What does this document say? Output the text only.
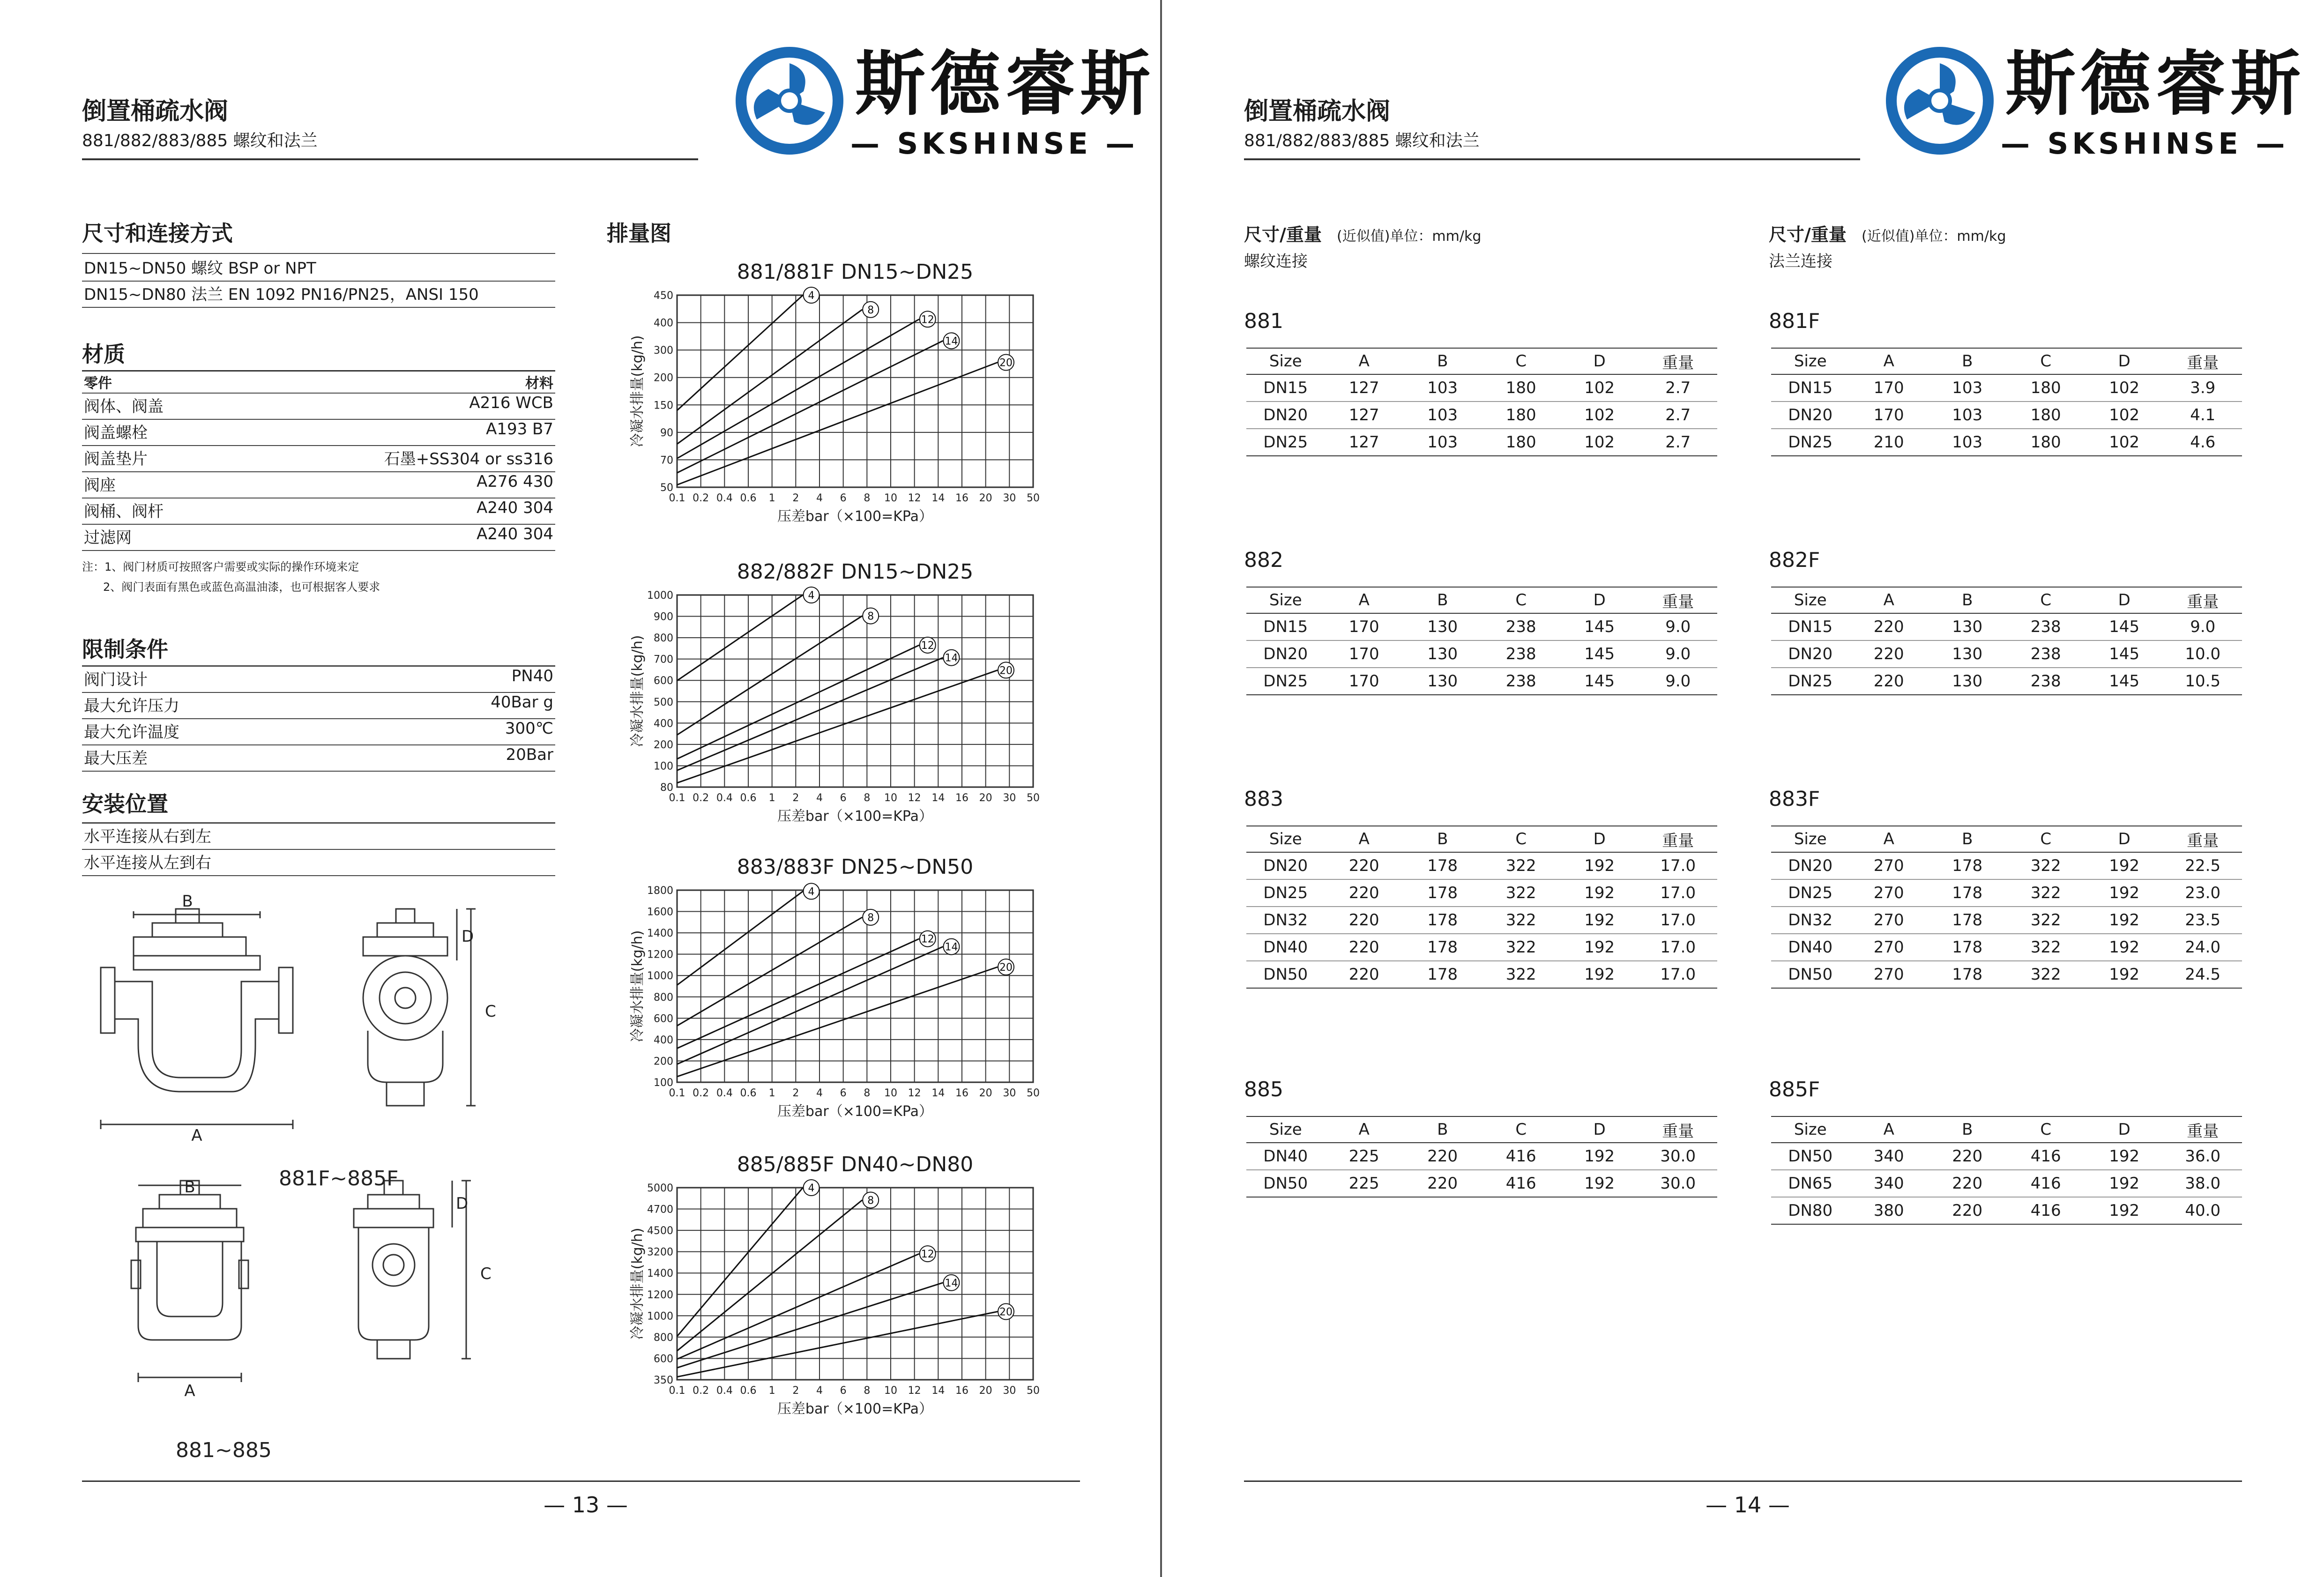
倒置桶疏水阀
881/882/883/885 螺纹和法兰
斯德睿斯
— SKSHINSE —
尺寸和连接方式
DN15~DN50 螺纹 BSP or NPT
DN15~DN80 法兰 EN 1092 PN16/PN25，ANSI 150
材质
零件	材料
阀体、阀盖	A216 WCB
阀盖螺栓	A193 B7
阀盖垫片	石墨+SS304 or ss316
阀座	A276 430
阀桶、阀杆	A240 304
过滤网	A240 304
注：1、阀门材质可按照客户需要或实际的操作环境来定
2、阀门表面有黑色或蓝色高温油漆，也可根据客人要求
限制条件
阀门设计	PN40
最大允许压力	40Bar g
最大允许温度	300℃
最大压差	20Bar
安装位置
水平连接从右到左
水平连接从左到右
B
A
C
D
B
A
C
D
881F~885F
881~885
排量图
881/881F DN15~DN25
0.1 0.2 0.4 0.6 1 2 4 6 8 10 12 14 16 20 30 50
50
70
90
150
200
300
400
450
冷凝水排量(kg/h)
压差bar（×100=KPa）
4
8
12
14
20
882/882F DN15~DN25
0.1 0.2 0.4 0.6 1 2 4 6 8 10 12 14 16 20 30 50
80
100
200
400
500
600
700
800
900
1000
冷凝水排量(kg/h)
压差bar（×100=KPa）
4
8
12
14
20
883/883F DN25~DN50
0.1 0.2 0.4 0.6 1 2 4 6 8 10 12 14 16 20 30 50
100
200
400
600
800
1000
1200
1400
1600
1800
冷凝水排量(kg/h)
压差bar（×100=KPa）
4
8
12
14
20
885/885F DN40~DN80
0.1 0.2 0.4 0.6 1 2 4 6 8 10 12 14 16 20 30 50
350
600
800
1000
1200
1400
3200
4500
4700
5000
冷凝水排量(kg/h)
压差bar（×100=KPa）
4
8
12
14
20
— 13 —
倒置桶疏水阀
881/882/883/885 螺纹和法兰
斯德睿斯
— SKSHINSE —
尺寸/重量 (近似值)单位：mm/kg
螺纹连接
尺寸/重量 (近似值)单位：mm/kg
法兰连接
881
Size	A	B	C	D	重量
DN15	127	103	180	102	2.7
DN20	127	103	180	102	2.7
DN25	127	103	180	102	2.7
881F
Size	A	B	C	D	重量
DN15	170	103	180	102	3.9
DN20	170	103	180	102	4.1
DN25	210	103	180	102	4.6
882
Size	A	B	C	D	重量
DN15	170	130	238	145	9.0
DN20	170	130	238	145	9.0
DN25	170	130	238	145	9.0
882F
Size	A	B	C	D	重量
DN15	220	130	238	145	9.0
DN20	220	130	238	145	10.0
DN25	220	130	238	145	10.5
883
Size	A	B	C	D	重量
DN20	220	178	322	192	17.0
DN25	220	178	322	192	17.0
DN32	220	178	322	192	17.0
DN40	220	178	322	192	17.0
DN50	220	178	322	192	17.0
883F
Size	A	B	C	D	重量
DN20	270	178	322	192	22.5
DN25	270	178	322	192	23.0
DN32	270	178	322	192	23.5
DN40	270	178	322	192	24.0
DN50	270	178	322	192	24.5
885
Size	A	B	C	D	重量
DN40	225	220	416	192	30.0
DN50	225	220	416	192	30.0
885F
Size	A	B	C	D	重量
DN50	340	220	416	192	36.0
DN65	340	220	416	192	38.0
DN80	380	220	416	192	40.0
— 14 —
